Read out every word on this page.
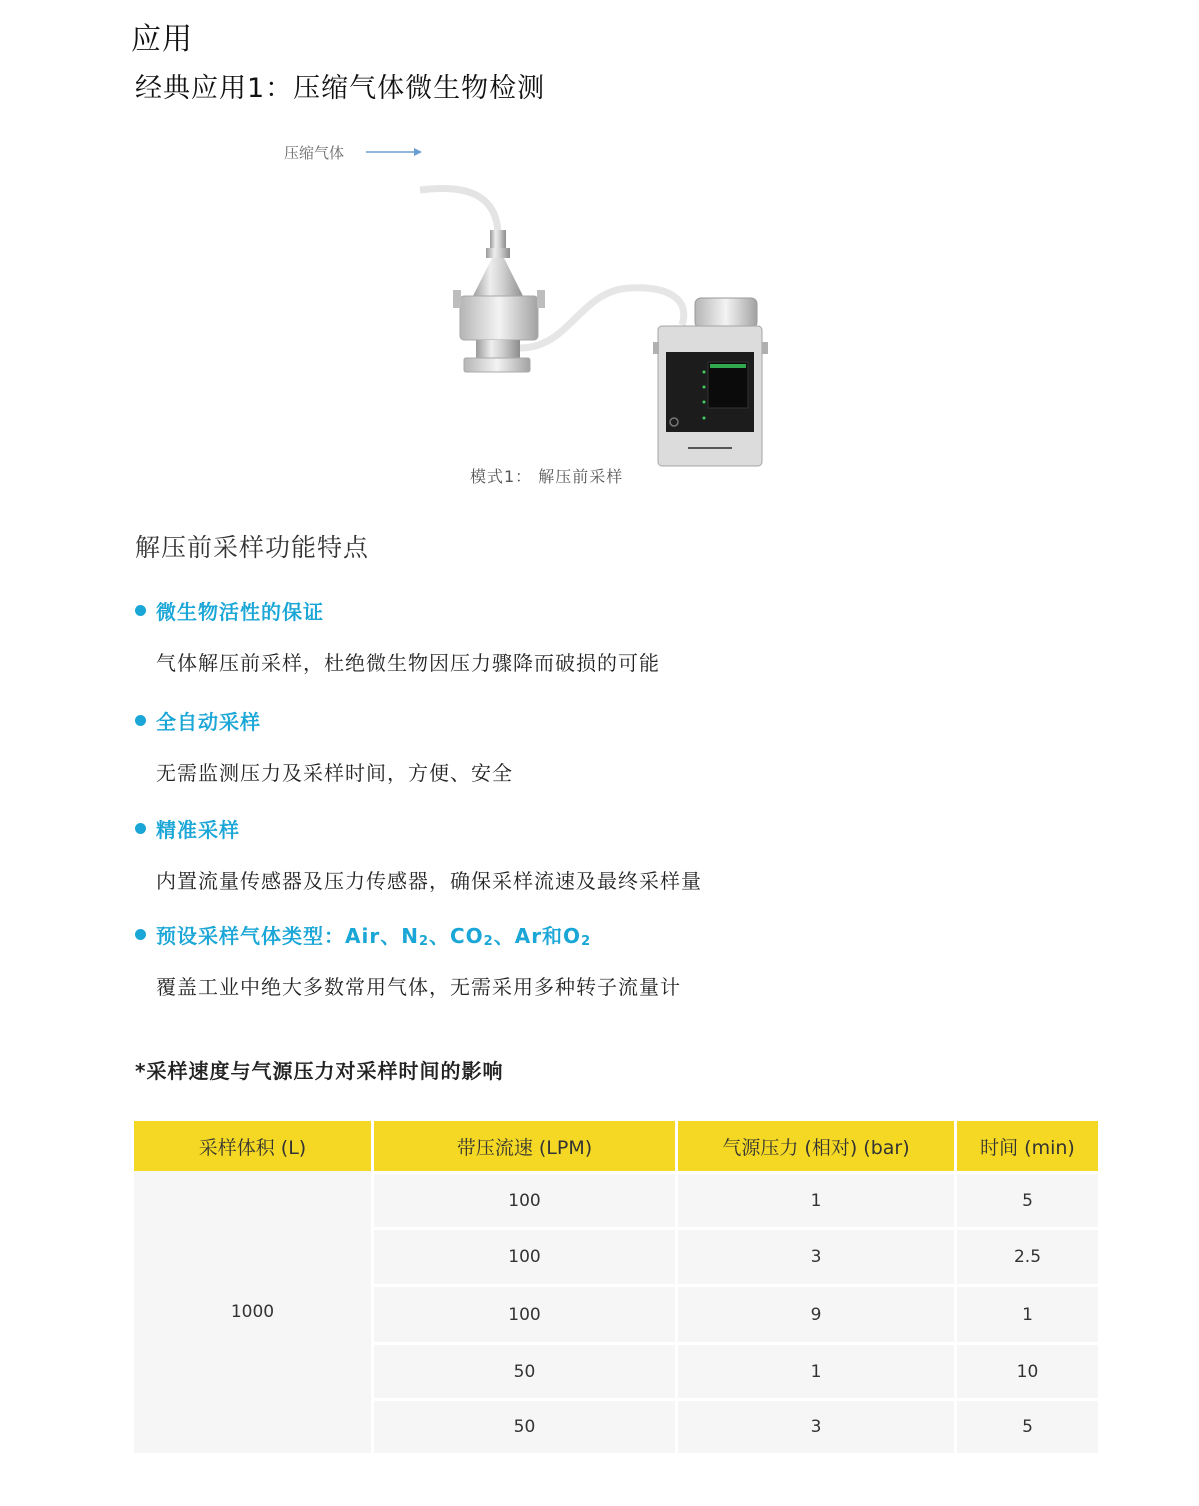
应用
经典应用1：压缩气体微生物检测
压缩气体
模式1： 解压前采样
解压前采样功能特点
微生物活性的保证
气体解压前采样，杜绝微生物因压力骤降而破损的可能
全自动采样
无需监测压力及采样时间，方便、安全
精准采样
内置流量传感器及压力传感器，确保采样流速及最终采样量
预设采样气体类型：Air、N2、CO2、Ar和O2
覆盖工业中绝大多数常用气体，无需采用多种转子流量计
*采样速度与气源压力对采样时间的影响
采样体积 (L)	带压流速 (LPM)	气源压力 (相对) (bar)	时间 (min)
1000	100	1	5
	100	3	2.5
	100	9	1
	50	1	10
	50	3	5
